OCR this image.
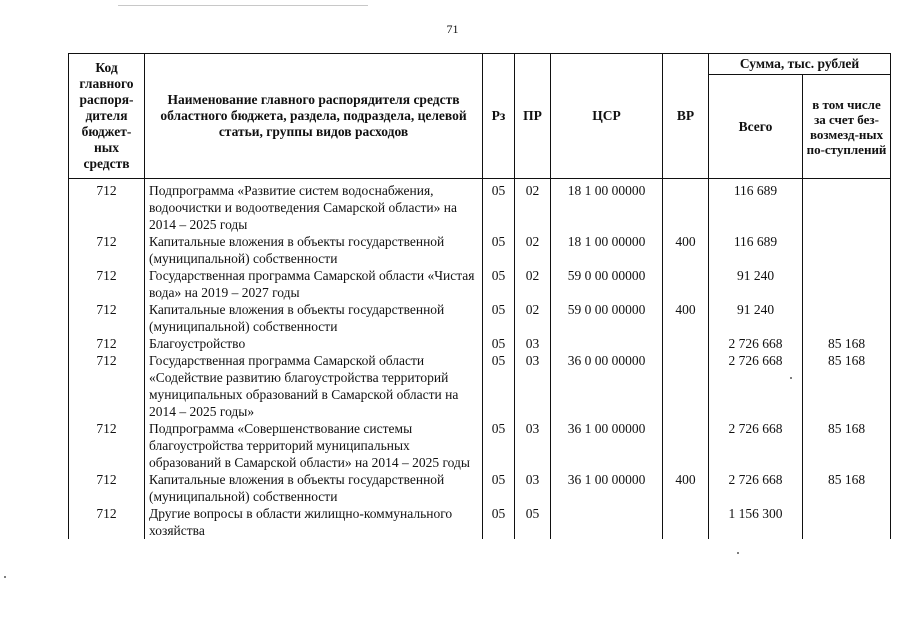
71
Код главного распоря-дителя бюджет-ных средств	Наименование главного распорядителя средств областного бюджета, раздела, подраздела, целевой статьи, группы видов расходов	Рз	ПР	ЦСР	ВР	Сумма, тыс. рублей	
						Всего	в том числе за счет без-возмезд-ных по-ступлений
712	Подпрограмма «Развитие систем водоснабжения, водоочистки и водоотведения Самарской области» на 2014 – 2025 годы	05	02	18 1 00 00000		116 689	
712	Капитальные вложения в объекты государственной (муниципальной) собственности	05	02	18 1 00 00000	400	116 689	
712	Государственная программа Самарской области «Чистая вода» на 2019 – 2027 годы	05	02	59 0 00 00000		91 240	
712	Капитальные вложения в объекты государственной (муниципальной) собственности	05	02	59 0 00 00000	400	91 240	
712	Благоустройство	05	03			2 726 668	85 168
712	Государственная программа Самарской области «Содействие развитию благоустройства территорий муниципальных образований в Самарской области на 2014 – 2025 годы»	05	03	36 0 00 00000		2 726 668	85 168
712	Подпрограмма «Совершенствование системы благоустройства территорий муниципальных образований в Самарской области» на 2014 – 2025 годы	05	03	36 1 00 00000		2 726 668	85 168
712	Капитальные вложения в объекты государственной (муниципальной) собственности	05	03	36 1 00 00000	400	2 726 668	85 168
712	Другие вопросы в области жилищно-коммунального хозяйства	05	05			1 156 300	
